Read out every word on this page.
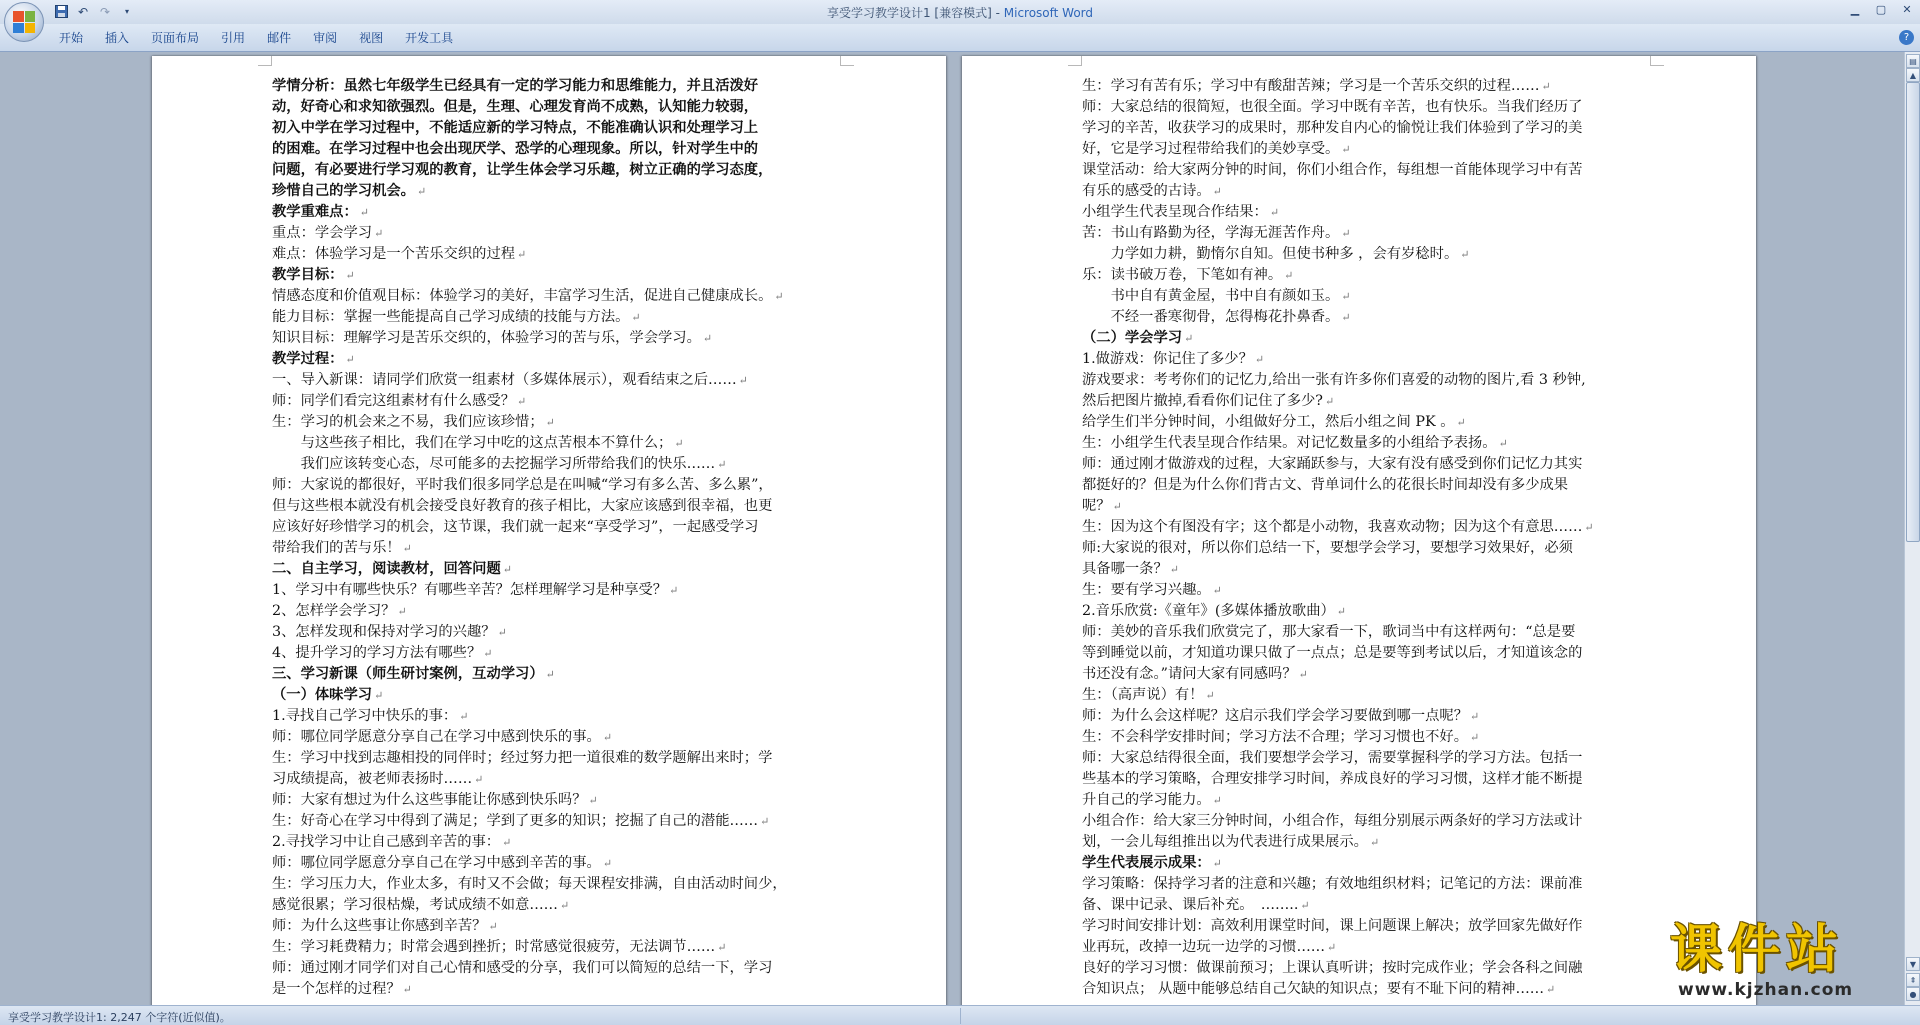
↶ ↷	▾	享受学习教学设计1 [兼容模式] - Microsoft Word	▁	▢	✕
开始	插入	页面布局	引用	邮件	审阅	视图	开发工具	?
学情分析：虽然七年级学生已经具有一定的学习能力和思维能力，并且活泼好
动，好奇心和求知欲强烈。但是，生理、心理发育尚不成熟，认知能力较弱，
初入中学在学习过程中，不能适应新的学习特点，不能准确认识和处理学习上
的困难。在学习过程中也会出现厌学、恐学的心理现象。所以，针对学生中的
问题，有必要进行学习观的教育，让学生体会学习乐趣，树立正确的学习态度，
珍惜自己的学习机会。 ↵
教学重难点： ↵
重点：学会学习 ↵
难点：体验学习是一个苦乐交织的过程 ↵
教学目标： ↵
情感态度和价值观目标：体验学习的美好，丰富学习生活，促进自己健康成长。 ↵
能力目标：掌握一些能提高自己学习成绩的技能与方法。 ↵
知识目标：理解学习是苦乐交织的，体验学习的苦与乐，学会学习。 ↵
教学过程： ↵
一、导入新课：请同学们欣赏一组素材（多媒体展示），观看结束之后…… ↵
师：同学们看完这组素材有什么感受？ ↵
生：学习的机会来之不易，我们应该珍惜； ↵
　　与这些孩子相比，我们在学习中吃的这点苦根本不算什么； ↵
　　我们应该转变心态，尽可能多的去挖掘学习所带给我们的快乐…… ↵
师：大家说的都很好，平时我们很多同学总是在叫喊“学习有多么苦、多么累”，
但与这些根本就没有机会接受良好教育的孩子相比，大家应该感到很幸福，也更
应该好好珍惜学习的机会，这节课，我们就一起来“享受学习”，一起感受学习
带给我们的苦与乐！ ↵
二、自主学习，阅读教材，回答问题 ↵
1、学习中有哪些快乐？有哪些辛苦？怎样理解学习是种享受？ ↵
2、怎样学会学习？ ↵
3、怎样发现和保持对学习的兴趣？ ↵
4、提升学习的学习方法有哪些？ ↵
三、学习新课（师生研讨案例，互动学习） ↵
（一）体味学习 ↵
1.寻找自己学习中快乐的事： ↵
师：哪位同学愿意分享自己在学习中感到快乐的事。 ↵
生：学习中找到志趣相投的同伴时；经过努力把一道很难的数学题解出来时；学
习成绩提高，被老师表扬时…… ↵
师：大家有想过为什么这些事能让你感到快乐吗？ ↵
生：好奇心在学习中得到了满足；学到了更多的知识；挖掘了自己的潜能…… ↵
2.寻找学习中让自己感到辛苦的事： ↵
师：哪位同学愿意分享自己在学习中感到辛苦的事。 ↵
生：学习压力大，作业太多，有时又不会做；每天课程安排满，自由活动时间少，
感觉很累；学习很枯燥，考试成绩不如意…… ↵
师：为什么这些事让你感到辛苦？ ↵
生：学习耗费精力；时常会遇到挫折；时常感觉很疲劳，无法调节…… ↵
师：通过刚才同学们对自己心情和感受的分享，我们可以简短的总结一下，学习
是一个怎样的过程？ ↵
生：学习有苦有乐；学习中有酸甜苦辣；学习是一个苦乐交织的过程…… ↵
师：大家总结的很简短，也很全面。学习中既有辛苦，也有快乐。当我们经历了
学习的辛苦，收获学习的成果时，那种发自内心的愉悦让我们体验到了学习的美
好，它是学习过程带给我们的美妙享受。 ↵
课堂活动：给大家两分钟的时间，你们小组合作，每组想一首能体现学习中有苦
有乐的感受的古诗。 ↵
小组学生代表呈现合作结果： ↵
苦：书山有路勤为径，学海无涯苦作舟。 ↵
　　力学如力耕，勤惰尔自知。但使书种多 ，会有岁稔时。 ↵
乐：读书破万卷，下笔如有神。 ↵
　　书中自有黄金屋，书中自有颜如玉。 ↵
　　不经一番寒彻骨，怎得梅花扑鼻香。 ↵
（二）学会学习 ↵
1.做游戏：你记住了多少？ ↵
游戏要求：考考你们的记忆力,给出一张有许多你们喜爱的动物的图片,看 3 秒钟,
然后把图片撤掉,看看你们记住了多少? ↵
给学生们半分钟时间，小组做好分工，然后小组之间 PK 。 ↵
生：小组学生代表呈现合作结果。对记忆数量多的小组给予表扬。 ↵
师：通过刚才做游戏的过程，大家踊跃参与，大家有没有感受到你们记忆力其实
都挺好的？但是为什么你们背古文、背单词什么的花很长时间却没有多少成果
呢？ ↵
生：因为这个有图没有字；这个都是小动物，我喜欢动物；因为这个有意思…… ↵
师:大家说的很对，所以你们总结一下，要想学会学习，要想学习效果好，必须
具备哪一条？ ↵
生：要有学习兴趣。 ↵
2.音乐欣赏:《童年》(多媒体播放歌曲） ↵
师：美妙的音乐我们欣赏完了，那大家看一下，歌词当中有这样两句：“总是要
等到睡觉以前，才知道功课只做了一点点；总是要等到考试以后，才知道该念的
书还没有念。”请问大家有同感吗？ ↵
生：（高声说）有！ ↵
师：为什么会这样呢？这启示我们学会学习要做到哪一点呢？ ↵
生：不会科学安排时间；学习方法不合理；学习习惯也不好。 ↵
师：大家总结得很全面，我们要想学会学习，需要掌握科学的学习方法。包括一
些基本的学习策略，合理安排学习时间，养成良好的学习习惯，这样才能不断提
升自己的学习能力。 ↵
小组合作：给大家三分钟时间，小组合作，每组分别展示两条好的学习方法或计
划，一会儿每组推出以为代表进行成果展示。 ↵
学生代表展示成果： ↵
学习策略：保持学习者的注意和兴趣；有效地组织材料；记笔记的方法：课前准
备、课中记录、课后补充。　…….. ↵
学习时间安排计划：高效利用课堂时间，课上问题课上解决；放学回家先做好作
业再玩，改掉一边玩一边学的习惯…… ↵
良好的学习习惯：做课前预习；上课认真听讲；按时完成作业；学会各科之间融
合知识点； 从题中能够总结自己欠缺的知识点；要有不耻下问的精神…… ↵
▤
▲
▼
⇞
●
享受学习教学设计1: 2,247 个字符(近似值)。
课件站
www.kjzhan.com
